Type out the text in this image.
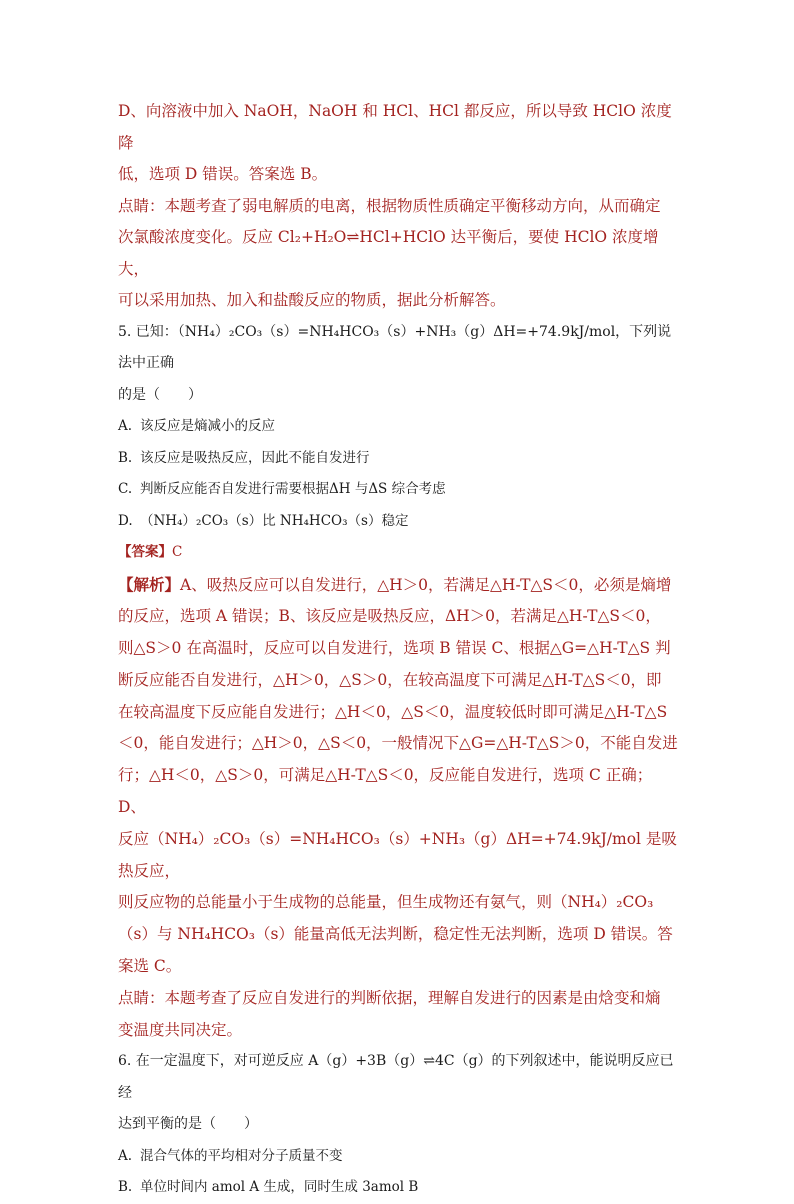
D、向溶液中加入 NaOH，NaOH 和 HCl、HCl 都反应，所以导致 HClO 浓度降

低，选项 D 错误。答案选 B。

点睛：本题考查了弱电解质的电离，根据物质性质确定平衡移动方向，从而确定

次氯酸浓度变化。反应 Cl₂+H₂O⇌HCl+HClO 达平衡后，要使 HClO 浓度增大，

可以采用加热、加入和盐酸反应的物质，据此分析解答。

5. 已知：（NH₄）₂CO₃（s）=NH₄HCO₃（s）+NH₃（g）ΔH=+74.9kJ/mol，下列说法中正确

的是（　　）

A. 该反应是熵减小的反应

B. 该反应是吸热反应，因此不能自发进行

C. 判断反应能否自发进行需要根据ΔH 与ΔS 综合考虑

D. （NH₄）₂CO₃（s）比 NH₄HCO₃（s）稳定

【答案】C

【解析】A、吸热反应可以自发进行，△H＞0，若满足△H-T△S＜0，必须是熵增

的反应，选项 A 错误；B、该反应是吸热反应，ΔH＞0，若满足△H-T△S＜0，

则△S＞0 在高温时，反应可以自发进行，选项 B 错误 C、根据△G=△H-T△S 判

断反应能否自发进行，△H＞0，△S＞0，在较高温度下可满足△H-T△S＜0，即

在较高温度下反应能自发进行；△H＜0，△S＜0，温度较低时即可满足△H-T△S

＜0，能自发进行；△H＞0，△S＜0，一般情况下△G=△H-T△S＞0，不能自发进

行；△H＜0，△S＞0，可满足△H-T△S＜0，反应能自发进行，选项 C 正确；D、

反应（NH₄）₂CO₃（s）=NH₄HCO₃（s）+NH₃（g）ΔH=+74.9kJ/mol 是吸热反应，

则反应物的总能量小于生成物的总能量，但生成物还有氨气，则（NH₄）₂CO₃

（s）与 NH₄HCO₃（s）能量高低无法判断，稳定性无法判断，选项 D 错误。答

案选 C。

点睛：本题考查了反应自发进行的判断依据，理解自发进行的因素是由焓变和熵

变温度共同决定。

6. 在一定温度下，对可逆反应 A（g）+3B（g）⇌4C（g）的下列叙述中，能说明反应已经

达到平衡的是（　　）

A. 混合气体的平均相对分子质量不变

B. 单位时间内 amol A 生成，同时生成 3amol B
